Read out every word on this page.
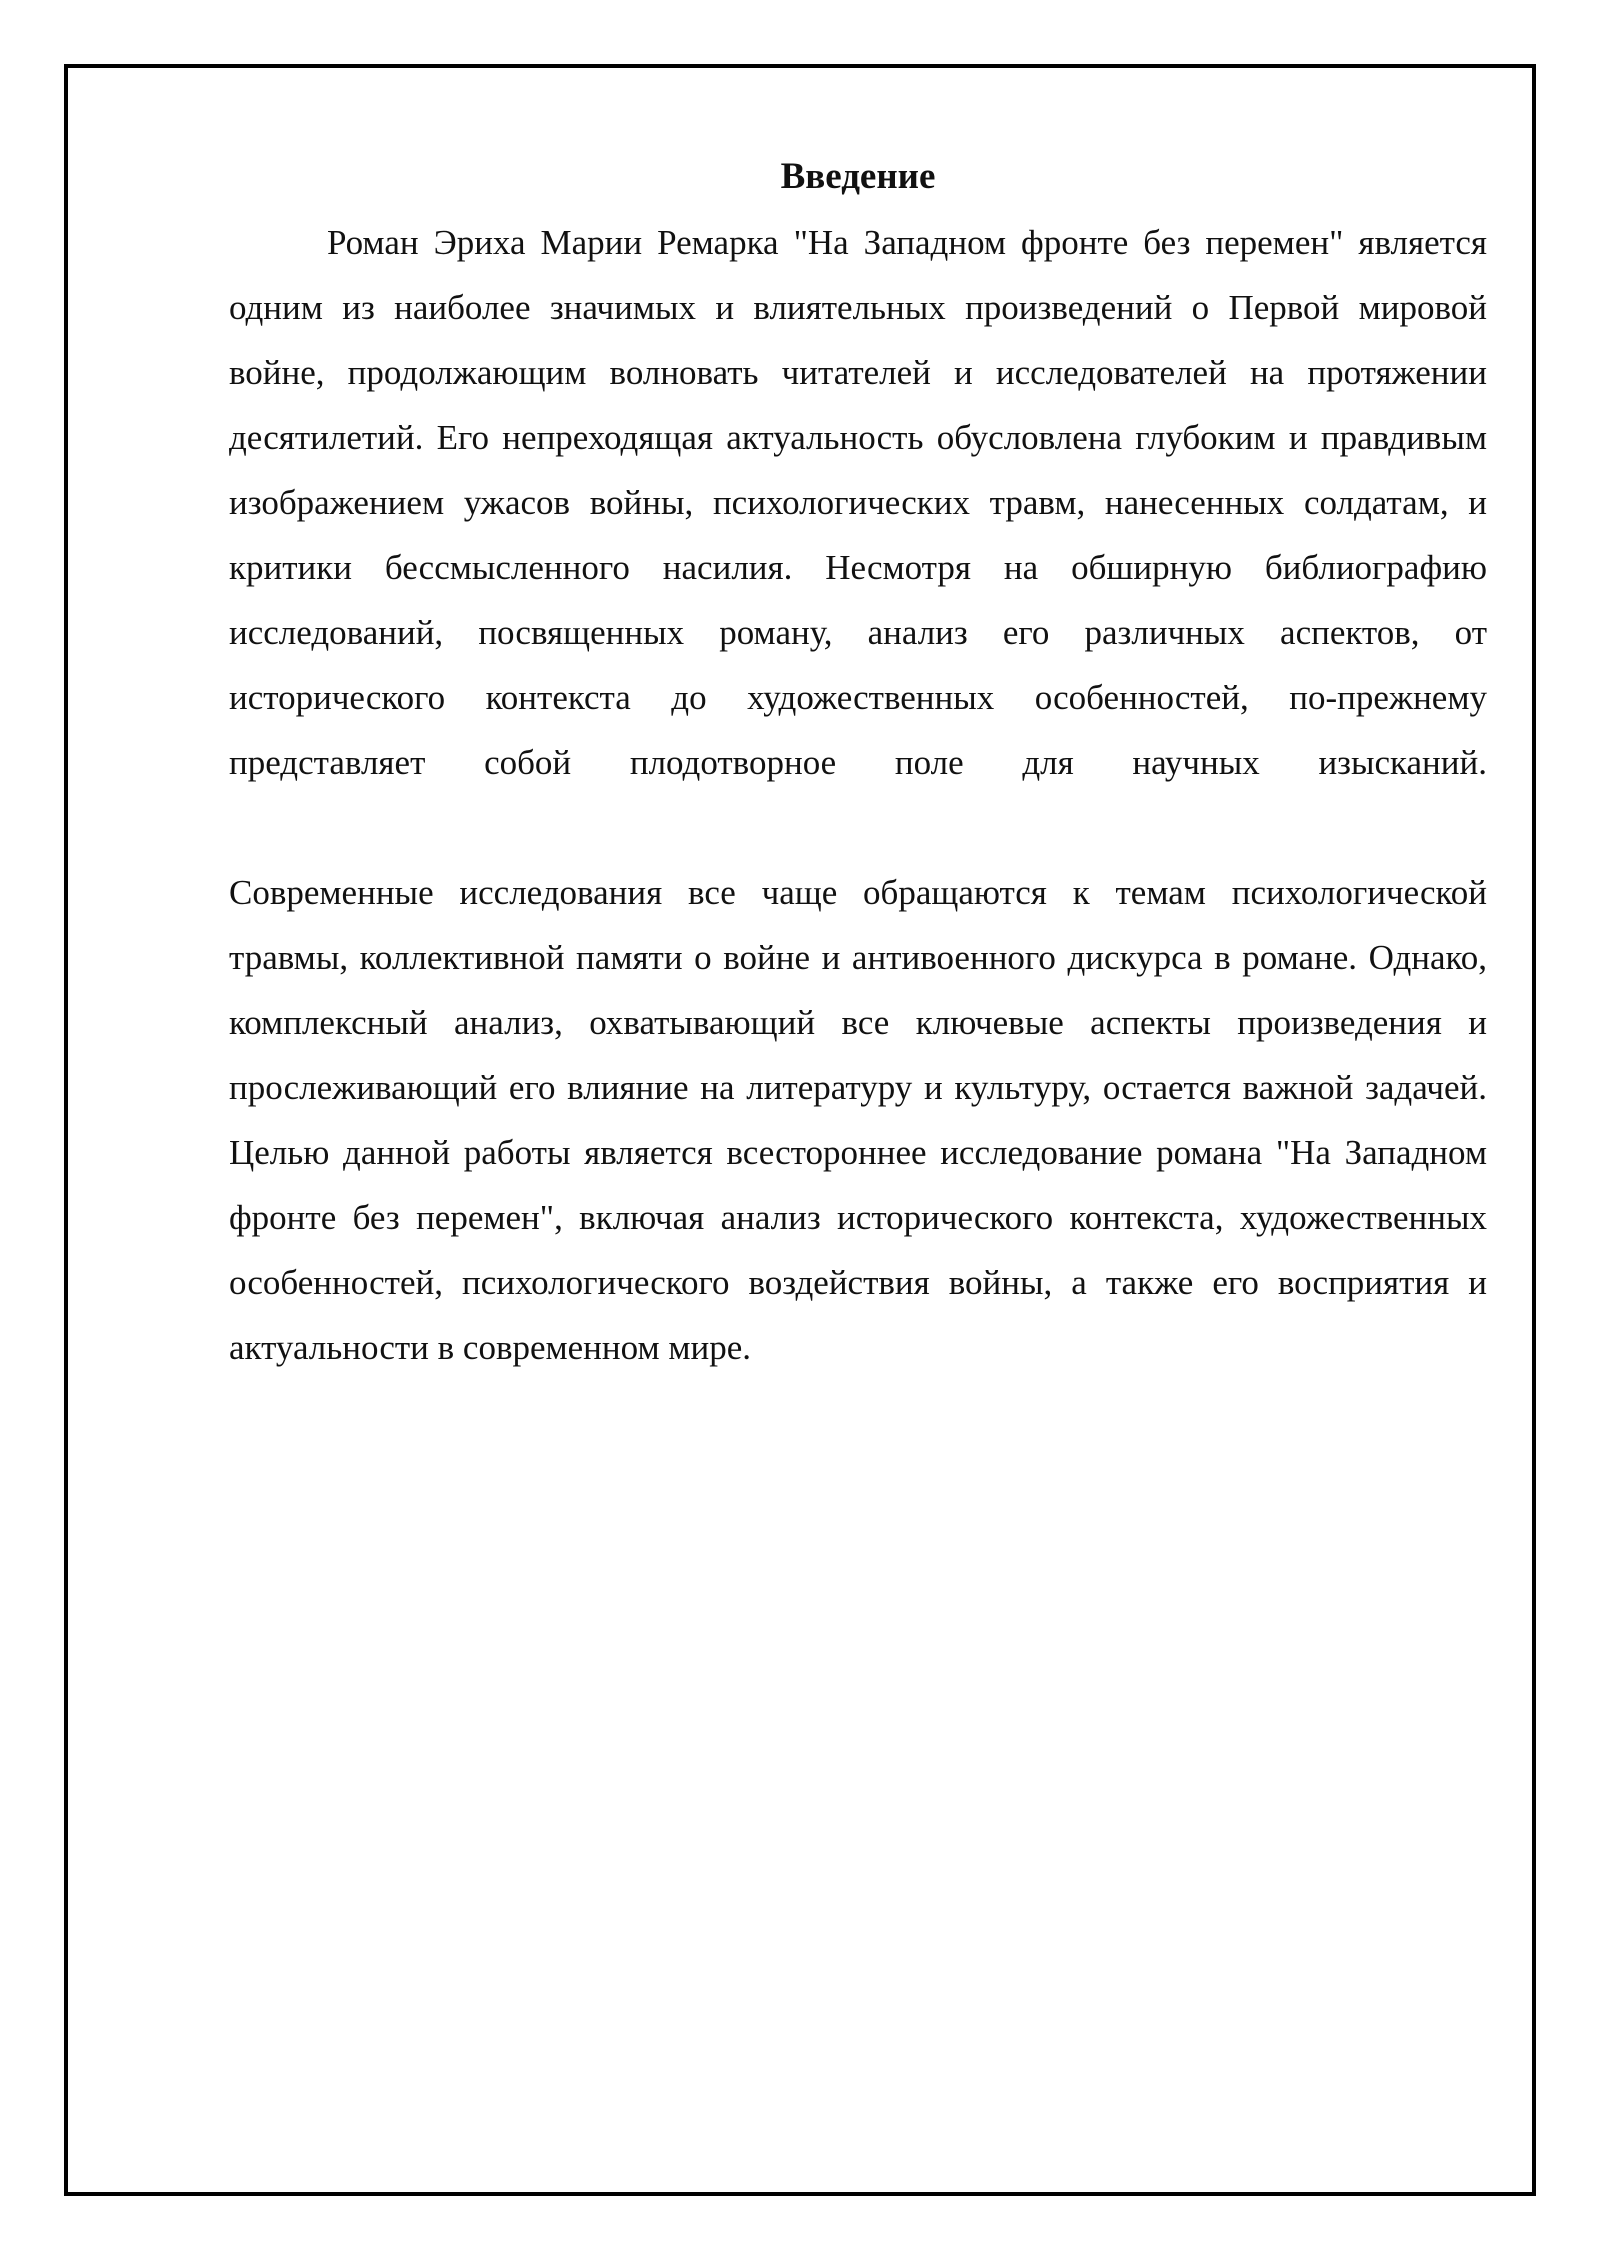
Введение

Роман Эриха Марии Ремарка "На Западном фронте без перемен" является одним из наиболее значимых и влиятельных произведений о Первой мировой войне, продолжающим волновать читателей и исследователей на протяжении десятилетий. Его непреходящая актуальность обусловлена глубоким и правдивым изображением ужасов войны, психологических травм, нанесенных солдатам, и критики бессмысленного насилия. Несмотря на обширную библиографию исследований, посвященных роману, анализ его различных аспектов, от исторического контекста до художественных особенностей, по-прежнему представляет собой плодотворное поле для научных изысканий.

Современные исследования все чаще обращаются к темам психологической травмы, коллективной памяти о войне и антивоенного дискурса в романе. Однако, комплексный анализ, охватывающий все ключевые аспекты произведения и прослеживающий его влияние на литературу и культуру, остается важной задачей. Целью данной работы является всестороннее исследование романа "На Западном фронте без перемен", включая анализ исторического контекста, художественных особенностей, психологического воздействия войны, а также его восприятия и актуальности в современном мире.
